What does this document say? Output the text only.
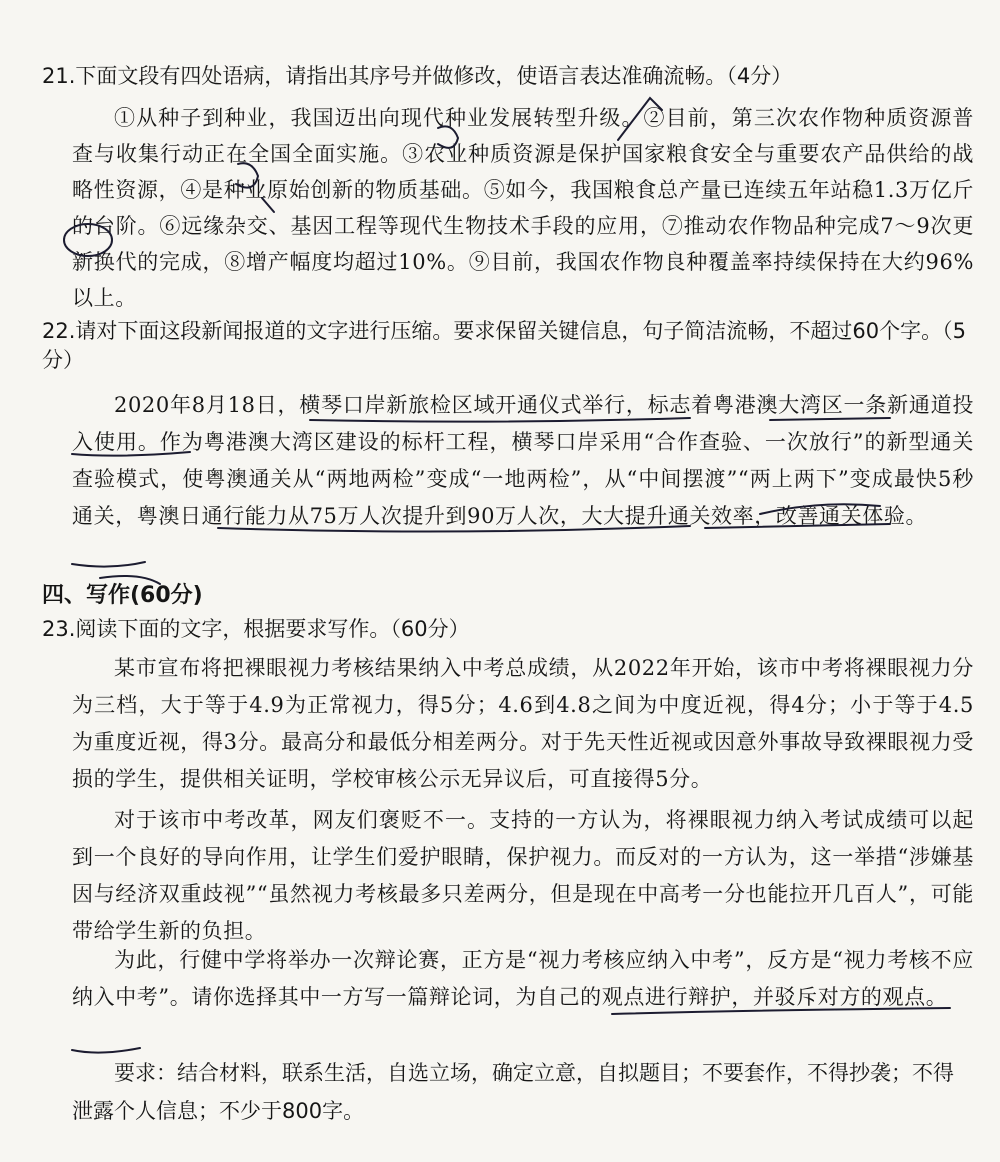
21.下面文段有四处语病，请指出其序号并做修改，使语言表达准确流畅。（4分）

①从种子到种业，我国迈出向现代种业发展转型升级。②目前，第三次农作物种质资源普查与收集行动正在全国全面实施。③农业种质资源是保护国家粮食安全与重要农产品供给的战略性资源，④是种业原始创新的物质基础。⑤如今，我国粮食总产量已连续五年站稳1.3万亿斤的台阶。⑥远缘杂交、基因工程等现代生物技术手段的应用，⑦推动农作物品种完成7～9次更新换代的完成，⑧增产幅度均超过10%。⑨目前，我国农作物良种覆盖率持续保持在大约96%以上。

22.请对下面这段新闻报道的文字进行压缩。要求保留关键信息，句子简洁流畅，不超过60个字。（5分）

2020年8月18日，横琴口岸新旅检区域开通仪式举行，标志着粤港澳大湾区一条新通道投入使用。作为粤港澳大湾区建设的标杆工程，横琴口岸采用“合作查验、一次放行”的新型通关查验模式，使粤澳通关从“两地两检”变成“一地两检”，从“中间摆渡”“两上两下”变成最快5秒通关，粤澳日通行能力从75万人次提升到90万人次，大大提升通关效率，改善通关体验。

四、写作(60分)

23.阅读下面的文字，根据要求写作。（60分）

某市宣布将把裸眼视力考核结果纳入中考总成绩，从2022年开始，该市中考将裸眼视力分为三档，大于等于4.9为正常视力，得5分；4.6到4.8之间为中度近视，得4分；小于等于4.5为重度近视，得3分。最高分和最低分相差两分。对于先天性近视或因意外事故导致裸眼视力受损的学生，提供相关证明，学校审核公示无异议后，可直接得5分。

对于该市中考改革，网友们褒贬不一。支持的一方认为，将裸眼视力纳入考试成绩可以起到一个良好的导向作用，让学生们爱护眼睛，保护视力。而反对的一方认为，这一举措“涉嫌基因与经济双重歧视”“虽然视力考核最多只差两分，但是现在中高考一分也能拉开几百人”，可能带给学生新的负担。

为此，行健中学将举办一次辩论赛，正方是“视力考核应纳入中考”，反方是“视力考核不应纳入中考”。请你选择其中一方写一篇辩论词，为自己的观点进行辩护，并驳斥对方的观点。

要求：结合材料，联系生活，自选立场，确定立意，自拟题目；不要套作，不得抄袭；不得泄露个人信息；不少于800字。
